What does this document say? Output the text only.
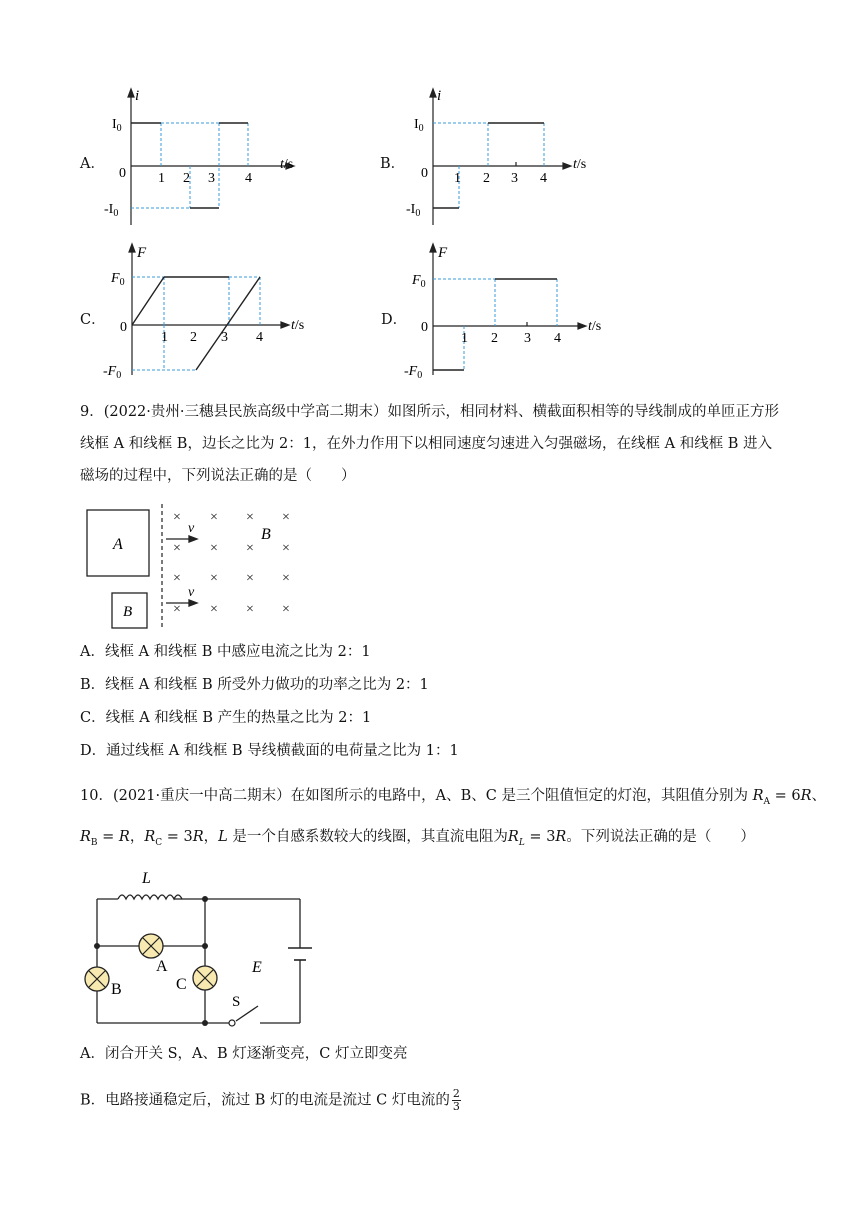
A．
i
t/s
$I_0$
$-I_0$
0 1 2 3 4
B．
i
t/s
$I_0$
$-I_0$
0 1 2 3 4
C．
F
t/s
$F_0$
$-F_0$
0
1 2 3 4
D．
F
t/s
$F_0$
$-F_0$
0
1 2 3 4
9．(2022·贵州·三穗县民族高级中学高二期末）如图所示，相同材料、横截面积相等的导线制成的单匝正方形线框 A 和线框 B，边长之比为 2：1，在外力作用下以相同速度匀速进入匀强磁场，在线框 A 和线框 B 进入磁场的过程中，下列说法正确的是（　　）
A
B
× × × ×
× × × ×
× × × ×
× × × ×
B
v
v
A．线框 A 和线框 B 中感应电流之比为 2：1
B．线框 A 和线框 B 所受外力做功的功率之比为 2：1
C．线框 A 和线框 B 产生的热量之比为 2：1
D．通过线框 A 和线框 B 导线横截面的电荷量之比为 1：1
10．(2021·重庆一中高二期末）在如图所示的电路中，A、B、C 是三个阻值恒定的灯泡，其阻值分别为 $R_A = 6R$、
$R_B = R$，$R_C = 3R$，L 是一个自感系数较大的线圈，其直流电阻为$R_L = 3R$。下列说法正确的是（　　）
L
A
B	C
E
S
A．闭合开关 S，A、B 灯逐渐变亮，C 灯立即变亮
B．电路接通稳定后，流过 B 灯的电流是流过 C 灯电流的 $\frac{2}{3}$
